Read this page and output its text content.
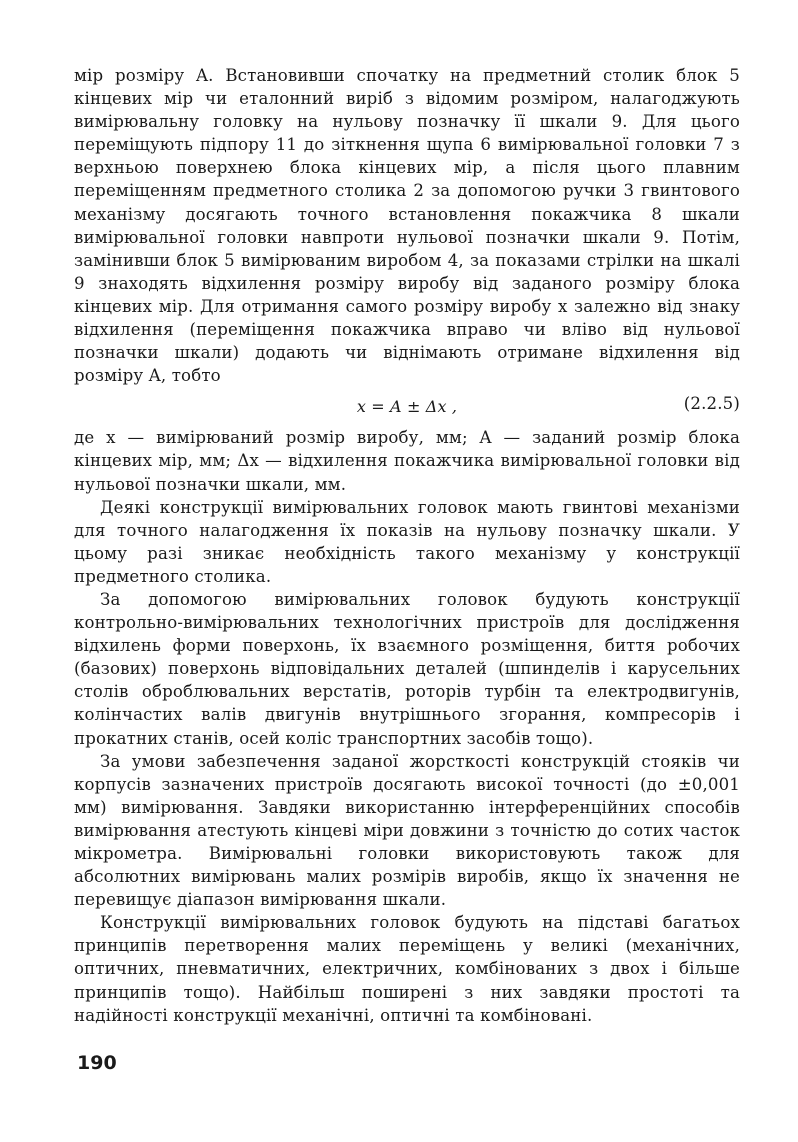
мір розміру A. Встановивши спочатку на предметний столик блок 5 кінцевих мір чи еталонний виріб з відомим розміром, налагоджують вимірювальну головку на нульову позначку її шкали 9. Для цього переміщують підпору 11 до зіткнення щупа 6 вимірювальної головки 7 з верхньою поверхнею блока кінцевих мір, а після цього плавним переміщенням предметного столика 2 за допомогою ручки 3 гвинтового механізму досягають точного встановлення покажчика 8 шкали вимірювальної головки навпроти нульової позначки шкали 9. Потім, замінивши блок 5 вимірюваним виробом 4, за показами стрілки на шкалі 9 знаходять відхилення розміру виробу від заданого розміру блока кінцевих мір. Для отримання самого розміру виробу x залежно від знаку відхилення (переміщення покажчика вправо чи вліво від нульової позначки шкали) додають чи віднімають отримане відхилення від розміру A, тобто

x = A ± Δx ,	(2.2.5)

де x — вимірюваний розмір виробу, мм; A — заданий розмір блока кінцевих мір, мм; Δx — відхилення покажчика вимірювальної головки від нульової позначки шкали, мм.

Деякі конструкції вимірювальних головок мають гвинтові механізми для точного налагодження їх показів на нульову позначку шкали. У цьому разі зникає необхідність такого механізму у конструкції предметного столика.

За допомогою вимірювальних головок будують конструкції контрольно-вимірювальних технологічних пристроїв для дослідження відхилень форми поверхонь, їх взаємного розміщення, биття робочих (базових) поверхонь відповідальних деталей (шпинделів і карусельних столів оброблювальних верстатів, роторів турбін та електродвигунів, колінчастих валів двигунів внутрішнього згорання, компресорів і прокатних станів, осей коліс транспортних засобів тощо).

За умови забезпечення заданої жорсткості конструкцій стояків чи корпусів зазначених пристроїв досягають високої точності (до ±0,001 мм) вимірювання. Завдяки використанню інтерференційних способів вимірювання атестують кінцеві міри довжини з точністю до сотих часток мікрометра. Вимірювальні головки використовують також для абсолютних вимірювань малих розмірів виробів, якщо їх значення не перевищує діапазон вимірювання шкали.

Конструкції вимірювальних головок будують на підставі багатьох принципів перетворення малих переміщень у великі (механічних, оптичних, пневматичних, електричних, комбінованих з двох і більше принципів тощо). Найбільш поширені з них завдяки простоті та надійності конструкції механічні, оптичні та комбіновані.

190
